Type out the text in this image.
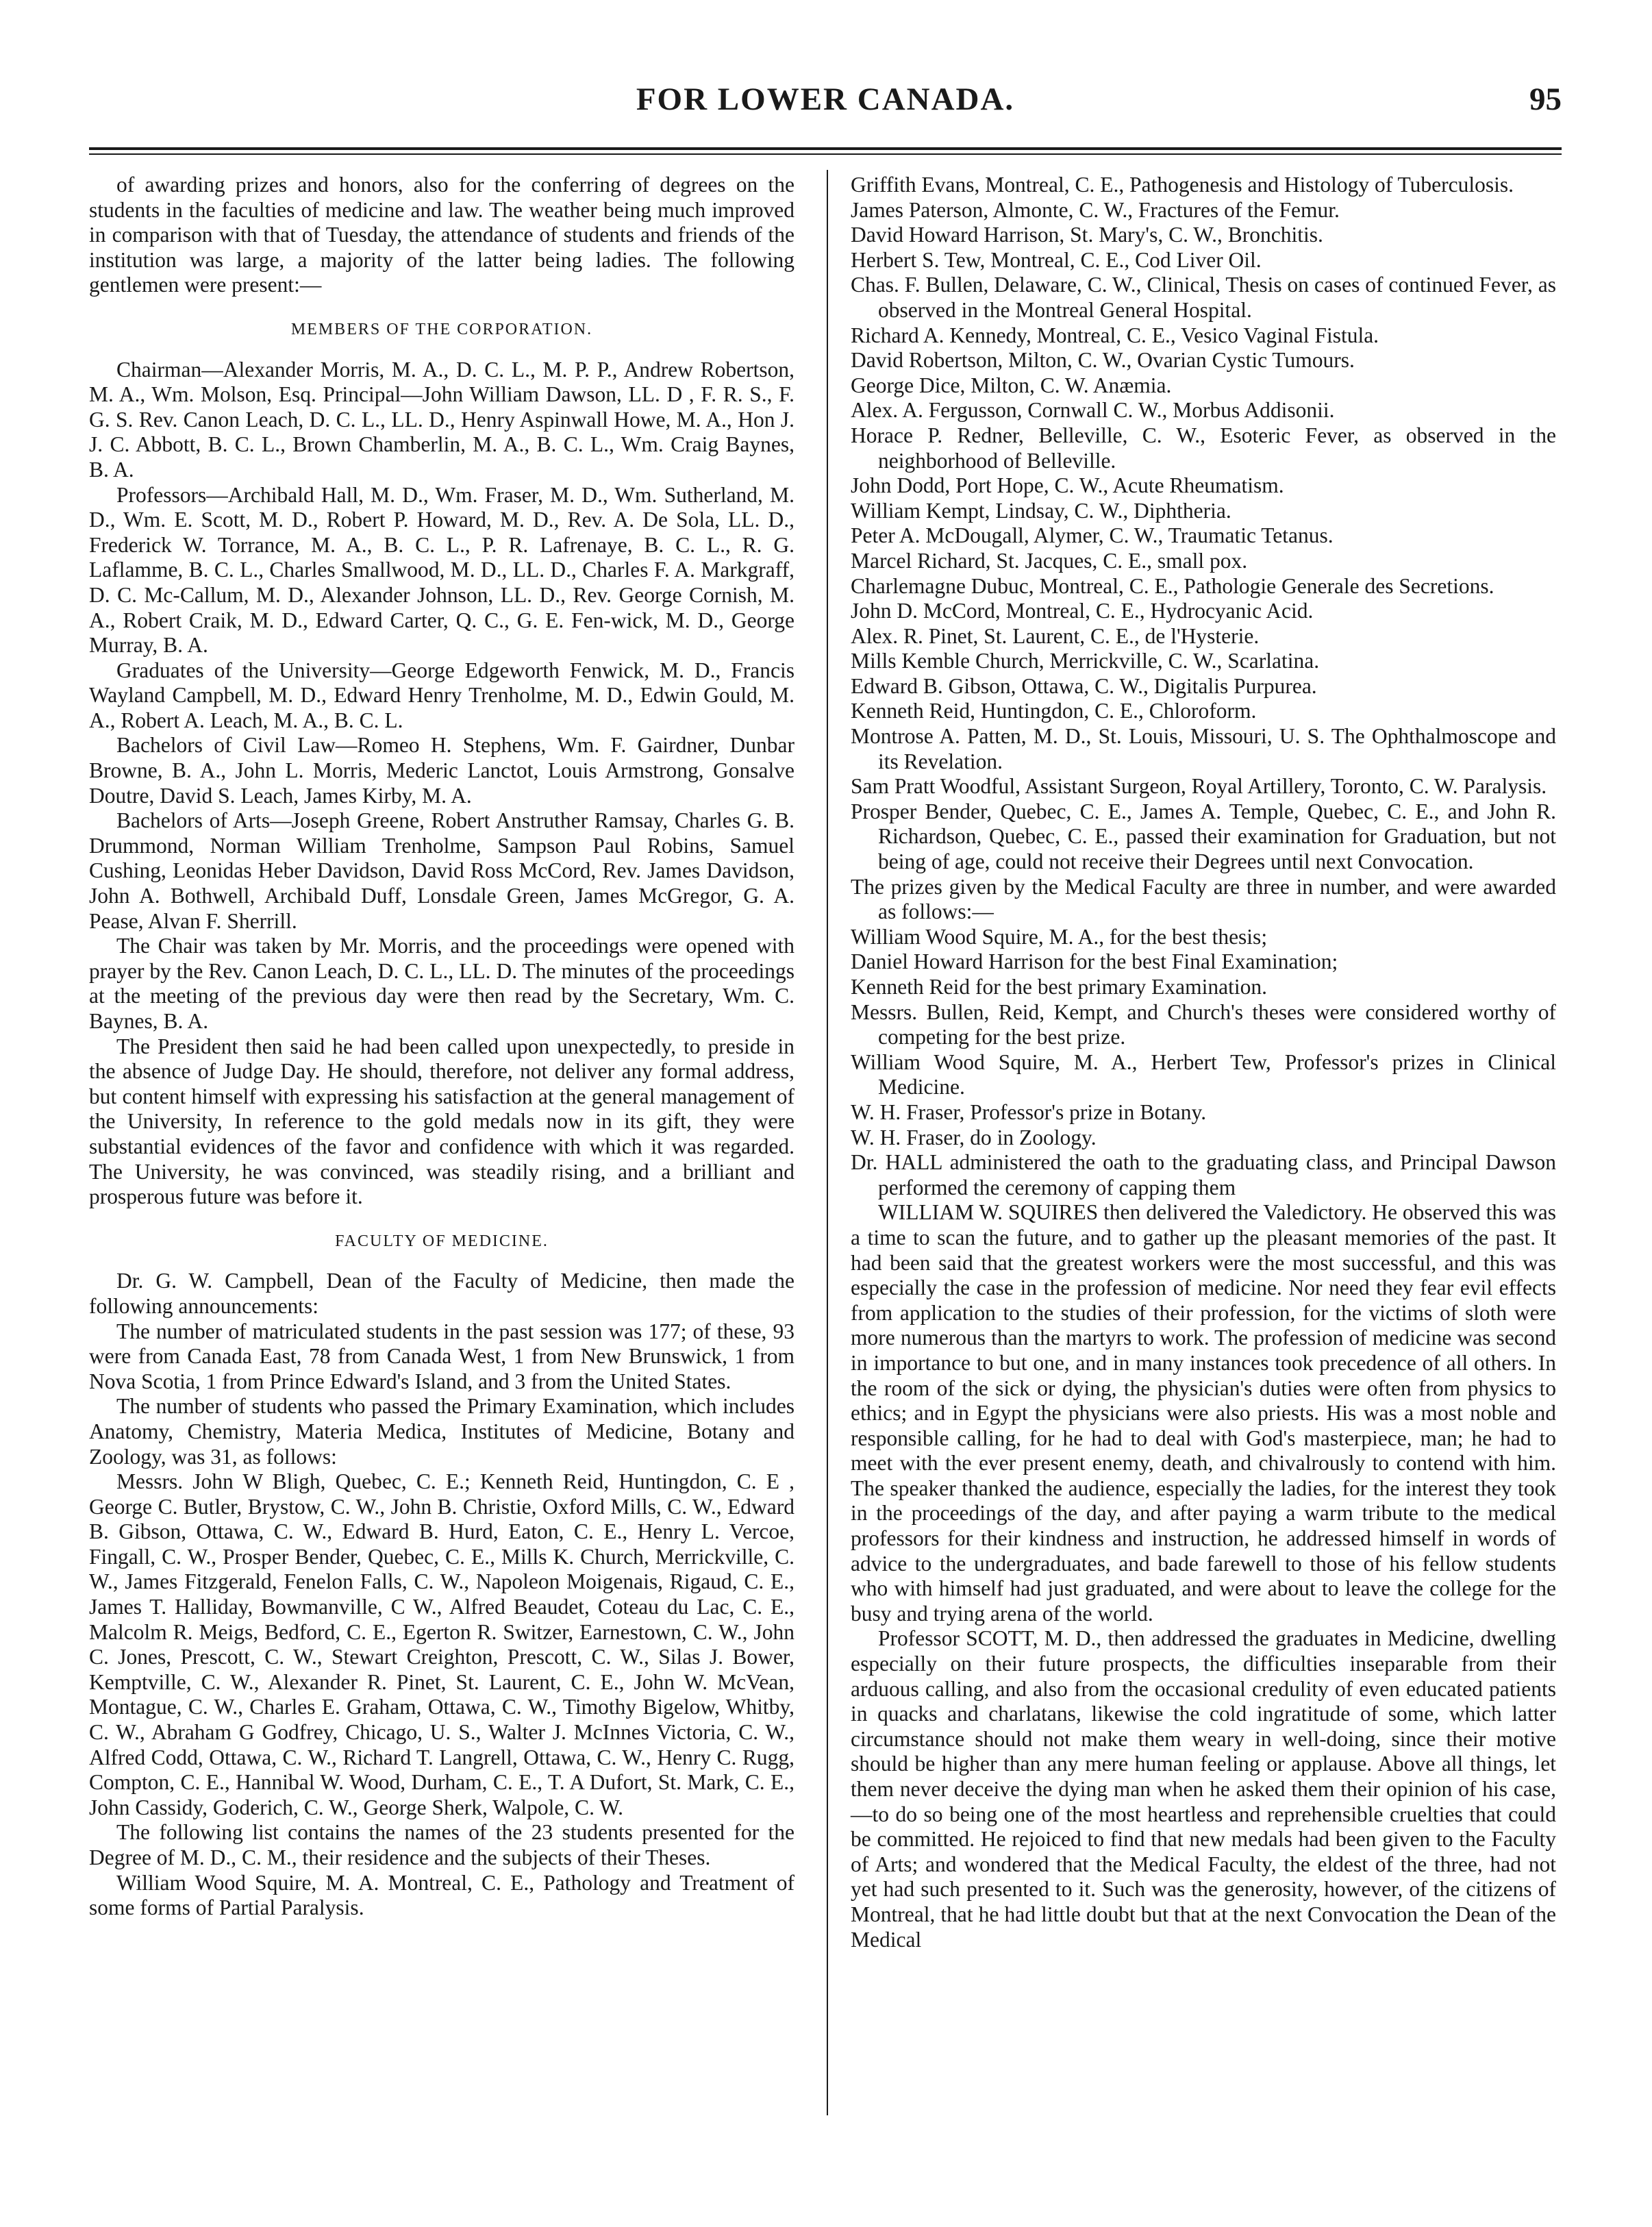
FOR LOWER CANADA.	95

of awarding prizes and honors, also for the conferring of degrees on the students in the faculties of medicine and law. The weather being much improved in comparison with that of Tuesday, the attendance of students and friends of the institution was large, a majority of the latter being ladies. The following gentlemen were present:—

MEMBERS OF THE CORPORATION.

Chairman—Alexander Morris, M. A., D. C. L., M. P. P., Andrew Robertson, M. A., Wm. Molson, Esq. Principal—John William Dawson, LL. D , F. R. S., F. G. S. Rev. Canon Leach, D. C. L., LL. D., Henry Aspinwall Howe, M. A., Hon J. J. C. Abbott, B. C. L., Brown Chamberlin, M. A., B. C. L., Wm. Craig Baynes, B. A.

Professors—Archibald Hall, M. D., Wm. Fraser, M. D., Wm. Sutherland, M. D., Wm. E. Scott, M. D., Robert P. Howard, M. D., Rev. A. De Sola, LL. D., Frederick W. Torrance, M. A., B. C. L., P. R. Lafrenaye, B. C. L., R. G. Laflamme, B. C. L., Charles Smallwood, M. D., LL. D., Charles F. A. Markgraff, D. C. Mc-Callum, M. D., Alexander Johnson, LL. D., Rev. George Cornish, M. A., Robert Craik, M. D., Edward Carter, Q. C., G. E. Fen-wick, M. D., George Murray, B. A.

Graduates of the University—George Edgeworth Fenwick, M. D., Francis Wayland Campbell, M. D., Edward Henry Trenholme, M. D., Edwin Gould, M. A., Robert A. Leach, M. A., B. C. L.

Bachelors of Civil Law—Romeo H. Stephens, Wm. F. Gairdner, Dunbar Browne, B. A., John L. Morris, Mederic Lanctot, Louis Armstrong, Gonsalve Doutre, David S. Leach, James Kirby, M. A.

Bachelors of Arts—Joseph Greene, Robert Anstruther Ramsay, Charles G. B. Drummond, Norman William Trenholme, Sampson Paul Robins, Samuel Cushing, Leonidas Heber Davidson, David Ross McCord, Rev. James Davidson, John A. Bothwell, Archibald Duff, Lonsdale Green, James McGregor, G. A. Pease, Alvan F. Sherrill.

The Chair was taken by Mr. Morris, and the proceedings were opened with prayer by the Rev. Canon Leach, D. C. L., LL. D. The minutes of the proceedings at the meeting of the previous day were then read by the Secretary, Wm. C. Baynes, B. A.

The President then said he had been called upon unexpectedly, to preside in the absence of Judge Day. He should, therefore, not deliver any formal address, but content himself with expressing his satisfaction at the general management of the University, In reference to the gold medals now in its gift, they were substantial evidences of the favor and confidence with which it was regarded. The University, he was convinced, was steadily rising, and a brilliant and prosperous future was before it.

FACULTY OF MEDICINE.

Dr. G. W. Campbell, Dean of the Faculty of Medicine, then made the following announcements:

The number of matriculated students in the past session was 177; of these, 93 were from Canada East, 78 from Canada West, 1 from New Brunswick, 1 from Nova Scotia, 1 from Prince Edward's Island, and 3 from the United States.

The number of students who passed the Primary Examination, which includes Anatomy, Chemistry, Materia Medica, Institutes of Medicine, Botany and Zoology, was 31, as follows:

Messrs. John W Bligh, Quebec, C. E.; Kenneth Reid, Huntingdon, C. E , George C. Butler, Brystow, C. W., John B. Christie, Oxford Mills, C. W., Edward B. Gibson, Ottawa, C. W., Edward B. Hurd, Eaton, C. E., Henry L. Vercoe, Fingall, C. W., Prosper Bender, Quebec, C. E., Mills K. Church, Merrickville, C. W., James Fitzgerald, Fenelon Falls, C. W., Napoleon Moigenais, Rigaud, C. E., James T. Halliday, Bowmanville, C W., Alfred Beaudet, Coteau du Lac, C. E., Malcolm R. Meigs, Bedford, C. E., Egerton R. Switzer, Earnestown, C. W., John C. Jones, Prescott, C. W., Stewart Creighton, Prescott, C. W., Silas J. Bower, Kemptville, C. W., Alexander R. Pinet, St. Laurent, C. E., John W. McVean, Montague, C. W., Charles E. Graham, Ottawa, C. W., Timothy Bigelow, Whitby, C. W., Abraham G Godfrey, Chicago, U. S., Walter J. McInnes Victoria, C. W., Alfred Codd, Ottawa, C. W., Richard T. Langrell, Ottawa, C. W., Henry C. Rugg, Compton, C. E., Hannibal W. Wood, Durham, C. E., T. A Dufort, St. Mark, C. E., John Cassidy, Goderich, C. W., George Sherk, Walpole, C. W.

The following list contains the names of the 23 students presented for the Degree of M. D., C. M., their residence and the subjects of their Theses.

William Wood Squire, M. A. Montreal, C. E., Pathology and Treatment of some forms of Partial Paralysis.

Griffith Evans, Montreal, C. E., Pathogenesis and Histology of Tuberculosis.

James Paterson, Almonte, C. W., Fractures of the Femur.

David Howard Harrison, St. Mary's, C. W., Bronchitis.

Herbert S. Tew, Montreal, C. E., Cod Liver Oil.

Chas. F. Bullen, Delaware, C. W., Clinical, Thesis on cases of continued Fever, as observed in the Montreal General Hospital.

Richard A. Kennedy, Montreal, C. E., Vesico Vaginal Fistula.

David Robertson, Milton, C. W., Ovarian Cystic Tumours.

George Dice, Milton, C. W. Anæmia.

Alex. A. Fergusson, Cornwall C. W., Morbus Addisonii.

Horace P. Redner, Belleville, C. W., Esoteric Fever, as observed in the neighborhood of Belleville.

John Dodd, Port Hope, C. W., Acute Rheumatism.

William Kempt, Lindsay, C. W., Diphtheria.

Peter A. McDougall, Alymer, C. W., Traumatic Tetanus.

Marcel Richard, St. Jacques, C. E., small pox.

Charlemagne Dubuc, Montreal, C. E., Pathologie Generale des Secretions.

John D. McCord, Montreal, C. E., Hydrocyanic Acid.

Alex. R. Pinet, St. Laurent, C. E., de l'Hysterie.

Mills Kemble Church, Merrickville, C. W., Scarlatina.

Edward B. Gibson, Ottawa, C. W., Digitalis Purpurea.

Kenneth Reid, Huntingdon, C. E., Chloroform.

Montrose A. Patten, M. D., St. Louis, Missouri, U. S. The Ophthalmoscope and its Revelation.

Sam Pratt Woodful, Assistant Surgeon, Royal Artillery, Toronto, C. W. Paralysis.

Prosper Bender, Quebec, C. E., James A. Temple, Quebec, C. E., and John R. Richardson, Quebec, C. E., passed their examination for Graduation, but not being of age, could not receive their Degrees until next Convocation.

The prizes given by the Medical Faculty are three in number, and were awarded as follows:—

William Wood Squire, M. A., for the best thesis;

Daniel Howard Harrison for the best Final Examination;

Kenneth Reid for the best primary Examination.

Messrs. Bullen, Reid, Kempt, and Church's theses were considered worthy of competing for the best prize.

William Wood Squire, M. A., Herbert Tew, Professor's prizes in Clinical Medicine.

W. H. Fraser, Professor's prize in Botany.

W. H. Fraser, do in Zoology.

Dr. HALL administered the oath to the graduating class, and Principal Dawson performed the ceremony of capping them

WILLIAM W. SQUIRES then delivered the Valedictory. He observed this was a time to scan the future, and to gather up the pleasant memories of the past. It had been said that the greatest workers were the most successful, and this was especially the case in the profession of medicine. Nor need they fear evil effects from application to the studies of their profession, for the victims of sloth were more numerous than the martyrs to work. The profession of medicine was second in importance to but one, and in many instances took precedence of all others. In the room of the sick or dying, the physician's duties were often from physics to ethics; and in Egypt the physicians were also priests. His was a most noble and responsible calling, for he had to deal with God's masterpiece, man; he had to meet with the ever present enemy, death, and chivalrously to contend with him. The speaker thanked the audience, especially the ladies, for the interest they took in the proceedings of the day, and after paying a warm tribute to the medical professors for their kindness and instruction, he addressed himself in words of advice to the undergraduates, and bade farewell to those of his fellow students who with himself had just graduated, and were about to leave the college for the busy and trying arena of the world.

Professor SCOTT, M. D., then addressed the graduates in Medicine, dwelling especially on their future prospects, the difficulties inseparable from their arduous calling, and also from the occasional credulity of even educated patients in quacks and charlatans, likewise the cold ingratitude of some, which latter circumstance should not make them weary in well-doing, since their motive should be higher than any mere human feeling or applause. Above all things, let them never deceive the dying man when he asked them their opinion of his case,—to do so being one of the most heartless and reprehensible cruelties that could be committed. He rejoiced to find that new medals had been given to the Faculty of Arts; and wondered that the Medical Faculty, the eldest of the three, had not yet had such presented to it. Such was the generosity, however, of the citizens of Montreal, that he had little doubt but that at the next Convocation the Dean of the Medical
